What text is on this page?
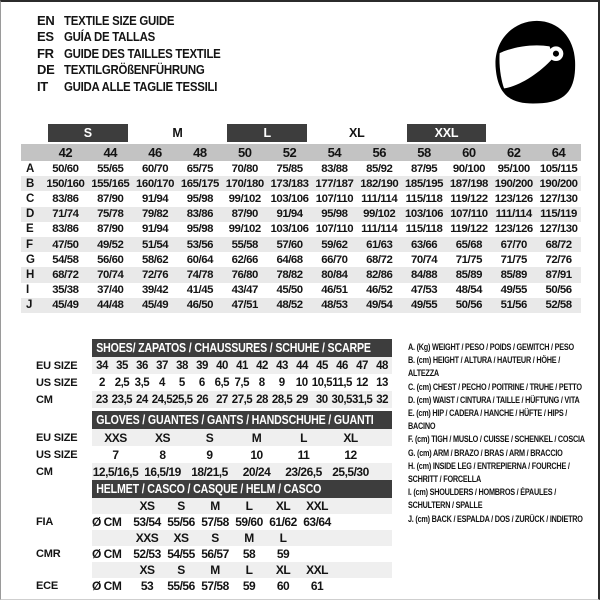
EN TEXTILE SIZE GUIDE
ES GUÍA DE TALLAS
FR GUIDE DES TAILLES TEXTILE
DE TEXTILGRÖßENFÜHRUNG
IT	GUIDA ALLE TAGLIE TESSILI
S	M	L	XL	XXL
42	44	46	48	50	52	54	56	58	60	62	64
A	50/60	55/65	60/70	65/75	70/80	75/85	83/88	85/92	87/95	90/100	95/100 105/115
B	150/160 155/165 160/170 165/175 170/180 173/183 177/187 182/190 185/195 187/198 190/200 190/200
C	83/86	87/90	91/94	95/98	99/102 103/106 107/110 111/114 115/118 119/122 123/126 127/130
D	71/74	75/78	79/82	83/86	87/90	91/94	95/98	99/102 103/106 107/110 111/114 115/119
E	83/86	87/90	91/94	95/98	99/102 103/106 107/110 111/114 115/118 119/122 123/126 127/130
F	47/50	49/52	51/54	53/56	55/58	57/60	59/62	61/63	63/66	65/68	67/70	68/72
G	54/58	56/60	58/62	60/64	62/66	64/68	66/70	68/72	70/74	71/75	71/75	72/76
H	68/72	70/74	72/76	74/78	76/80	78/82	80/84	82/86	84/88	85/89	85/89	87/91
I	35/38	37/40	39/42	41/45	43/47	45/50	46/51	46/52	47/53	48/54	49/55	50/56
J	45/49	44/48	45/49	46/50	47/51	48/52	48/53	49/54	49/55	50/56	51/56	52/58
SHOES/ ZAPATOS / CHAUSSURES / SCHUHE / SCARPE
EU SIZE	34 35 36 37 38 39 40 41 42 43 44 45 46 47 48
US SIZE	2 2,5 3,5 4	5	6 6,5 7,5 8	9 10 10,5 11,5 12 13
CM	23 23,5 24 24,5 25,5 26 27 27,5 28 28,5 29 30 30,5 31,5 32
GLOVES / GUANTES / GANTS / HANDSCHUHE / GUANTI
EU SIZE	XXS	XS	S	M	L	XL
US SIZE	7	8	9	10	11	12
CM	12,5/16,5 16,5/19 18/21,5	20/24	23/26,5 25,5/30
HELMET / CASCO / CASQUE / HELM / CASCO
XS	S	M	L	XL	XXL
FIA	Ø CM 53/54 55/56 57/58 59/60 61/62 63/64
XXS	XS	S	M	L
CMR	Ø CM 52/53 54/55 56/57	58	59
XS	S	M	L	XL	XXL
ECE	Ø CM	53	55/56 57/58	59	60	61
A. (Kg) WEIGHT / PESO / POIDS / GEWITCH / PESO
B. (cm) HEIGHT / ALTURA / HAUTEUR / HÖHE / ALTEZZA
C. (cm) CHEST / PECHO / POITRINE / TRUHE / PETTO
D. (cm) WAIST / CINTURA / TAILLE / HÜFTUNG / VITA
E. (cm) HIP / CADERA / HANCHE / HÜFTE / HIPS / BACINO
F. (cm) TIGH / MUSLO / CUISSE / SCHENKEL / COSCIA
G. (cm) ARM / BRAZO / BRAS / ARM / BRACCIO
H. (cm) INSIDE LEG / ENTREPIERNA / FOURCHE / SCHRITT / FORCELLA
I. (cm) SHOULDERS / HOMBROS / ÉPAULES / SCHULTERN / SPALLE
J. (cm) BACK / ESPALDA / DOS / ZURÜCK / INDIETRO
